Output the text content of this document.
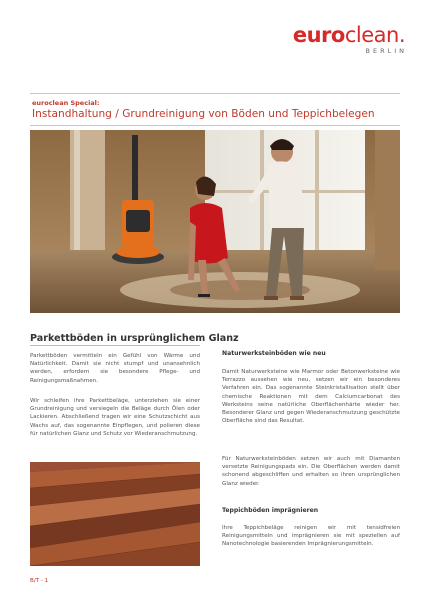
euroclean.
BERLIN
euroclean Special:
Instandhaltung / Grundreinigung von Böden und Teppichbelegen
Parkettböden in ursprünglichem Glanz
Parkettböden vermitteln ein Gefühl von Wärme und Natürlichkeit. Damit sie nicht stumpf und unansehnlich werden, erfordern sie besondere Pflege- und Reinigungsmaßnahmen.
Wir schleifen ihre Parkettbeläge, unterziehen sie einer Grundreinigung und versiegeln die Beläge durch Ölen oder Lackieren. Abschließend tragen wir eine Schutzschicht aus Wachs auf, das sogenannte Einpflegen, und polieren diese für natürlichen Glanz und Schutz vor Wiederanschmutzung.
Naturwerksteinböden wie neu
Damit Naturwerksteine wie Marmor oder Betonwerksteine wie Terrazzo aussehen wie neu, setzen wir ein besonderes Verfahren ein. Das sogenannte Steinkristallisation stellt über chemische Reaktionen mit dem Calciumcarbonat des Werksteins seine natürliche Oberflächenhärte wieder her. Besonderer Glanz und gegen Wiederanschmutzung geschützte Oberfläche sind das Resultat.
Für Naturwerksteinböden setzen wir auch mit Diamanten versetzte Reinigungspads ein. Die Oberflächen werden damit schonend abgeschliffen und erhalten so ihren ursprünglichen Glanz wieder.
Teppichböden imprägnieren
Ihre Teppichbeläge reinigen wir mit tensidfreien Reinigungsmitteln und imprägnieren sie mit speziellen auf Nanotechnologie basierenden Imprägnierungsmitteln.
B/T - 1
